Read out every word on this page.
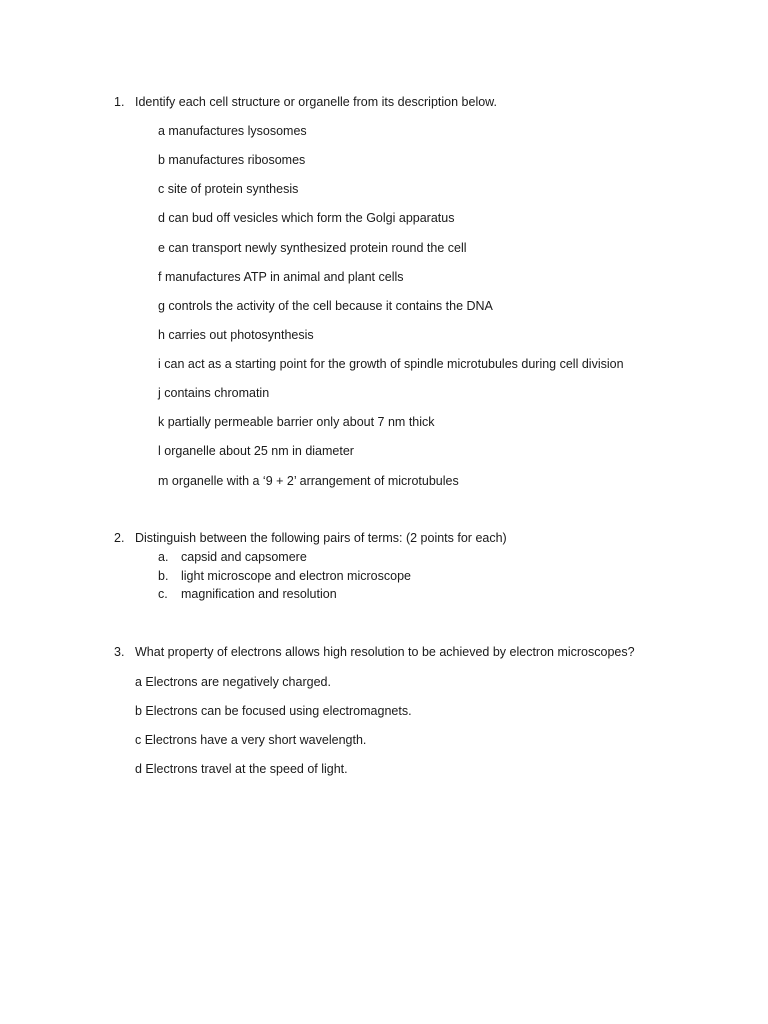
1. Identify each cell structure or organelle from its description below.
a manufactures lysosomes
b manufactures ribosomes
c site of protein synthesis
d can bud off vesicles which form the Golgi apparatus
e can transport newly synthesized protein round the cell
f manufactures ATP in animal and plant cells
g controls the activity of the cell because it contains the DNA
h carries out photosynthesis
i can act as a starting point for the growth of spindle microtubules during cell division
j contains chromatin
k partially permeable barrier only about 7 nm thick
l organelle about 25 nm in diameter
m organelle with a ‘9 + 2’ arrangement of microtubules
2. Distinguish between the following pairs of terms: (2 points for each)
a. capsid and capsomere
b. light microscope and electron microscope
c. magnification and resolution
3. What property of electrons allows high resolution to be achieved by electron microscopes?
a Electrons are negatively charged.
b Electrons can be focused using electromagnets.
c Electrons have a very short wavelength.
d Electrons travel at the speed of light.
